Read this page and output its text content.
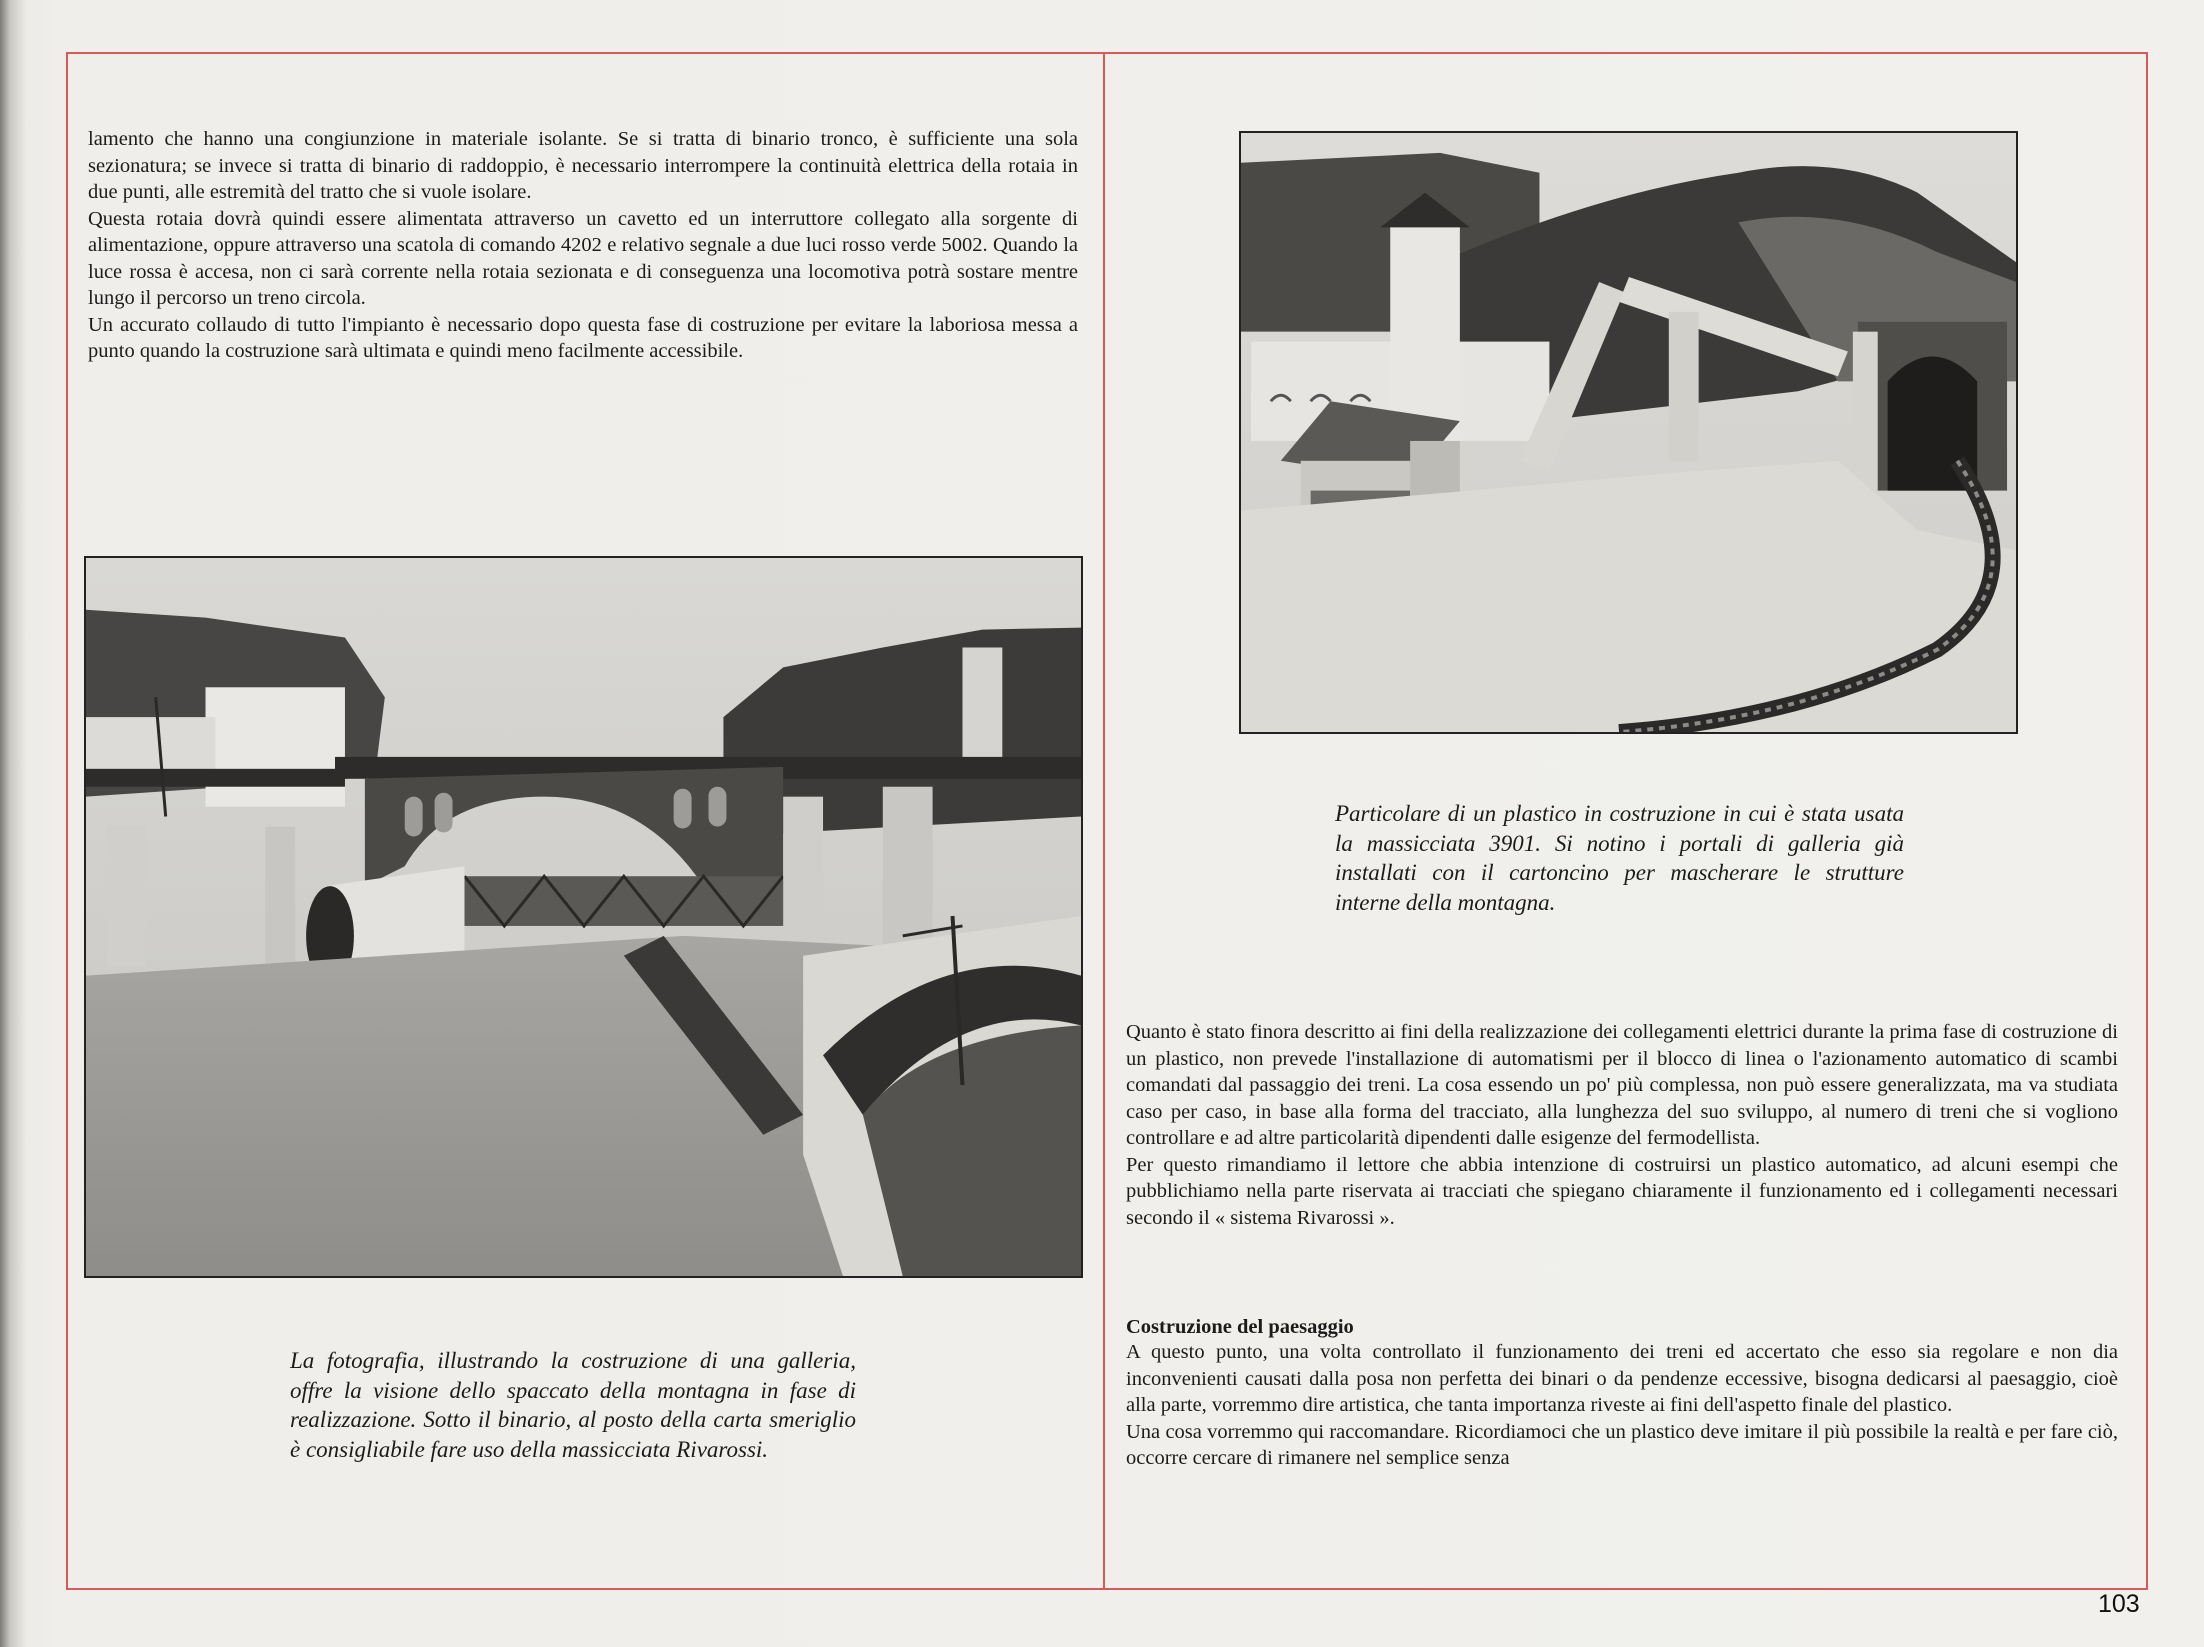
lamento che hanno una congiunzione in materiale isolante. Se si tratta di binario tronco, è sufficiente una sola sezionatura; se invece si tratta di binario di raddoppio, è necessario interrompere la continuità elettrica della rotaia in due punti, alle estremità del tratto che si vuole isolare.

Questa rotaia dovrà quindi essere alimentata attraverso un cavetto ed un interruttore collegato alla sorgente di alimentazione, oppure attraverso una scatola di comando 4202 e relativo segnale a due luci rosso verde 5002. Quando la luce rossa è accesa, non ci sarà corrente nella rotaia sezionata e di conseguenza una locomotiva potrà sostare mentre lungo il percorso un treno circola.

Un accurato collaudo di tutto l'impianto è necessario dopo questa fase di costruzione per evitare la laboriosa messa a punto quando la costruzione sarà ultimata e quindi meno facilmente accessibile.

La fotografia, illustrando la costruzione di una galleria, offre la visione dello spaccato della montagna in fase di realizzazione. Sotto il binario, al posto della carta smeriglio è consigliabile fare uso della massicciata Rivarossi.
Particolare di un plastico in costruzione in cui è stata usata la massicciata 3901. Si notino i portali di galleria già installati con il cartoncino per mascherare le strutture interne della montagna.

Quanto è stato finora descritto ai fini della realizzazione dei collegamenti elettrici durante la prima fase di costruzione di un plastico, non prevede l'installazione di automatismi per il blocco di linea o l'azionamento automatico di scambi comandati dal passaggio dei treni. La cosa essendo un po' più complessa, non può essere generalizzata, ma va studiata caso per caso, in base alla forma del tracciato, alla lunghezza del suo sviluppo, al numero di treni che si vogliono controllare e ad altre particolarità dipendenti dalle esigenze del fermodellista.

Per questo rimandiamo il lettore che abbia intenzione di costruirsi un plastico automatico, ad alcuni esempi che pubblichiamo nella parte riservata ai tracciati che spiegano chiaramente il funzionamento ed i collegamenti necessari secondo il « sistema Rivarossi ».

Costruzione del paesaggio

A questo punto, una volta controllato il funzionamento dei treni ed accertato che esso sia regolare e non dia inconvenienti causati dalla posa non perfetta dei binari o da pendenze eccessive, bisogna dedicarsi al paesaggio, cioè alla parte, vorremmo dire artistica, che tanta importanza riveste ai fini dell'aspetto finale del plastico.

Una cosa vorremmo qui raccomandare. Ricordiamoci che un plastico deve imitare il più possibile la realtà e per fare ciò, occorre cercare di rimanere nel semplice senza

103
